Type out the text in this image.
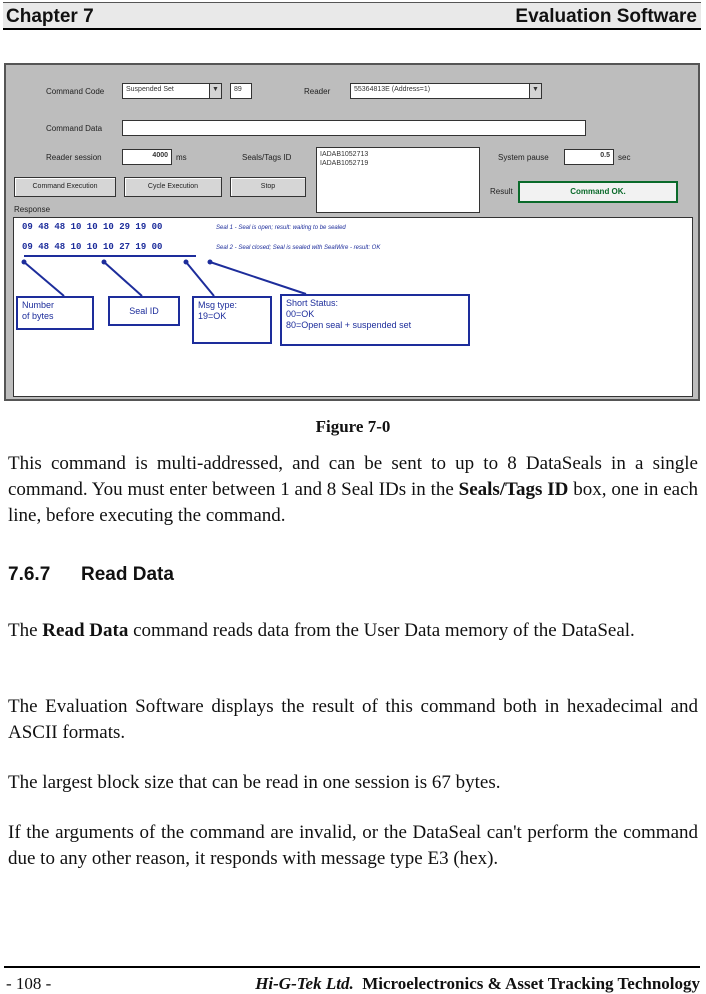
Chapter 7	Evaluation Software
Command Code	Suspended Set	▼	89	Reader	55364813E (Address=1)	▼
Command Data
Reader session	4000	ms	Seals/Tags ID	IADAB1052713
IADAB1052719
System pause	0.5	sec
Command Execution	Cycle Execution	Stop
Result	Command OK.
Response
09 48 48 10 10 10 29 19 00	Seal 1 - Seal is open; result: waiting to be sealed
09 48 48 10 10 10 27 19 00	Seal 2 - Seal closed; Seal is sealed with SealWire - result: OK
Number
of bytes	Seal ID
Msg type:
19=OK
Short Status:
00=OK
80=Open seal + suspended set
Figure 7-0
This command is multi-addressed, and can be sent to up to 8 DataSeals in a single command. You must enter between 1 and 8 Seal IDs in the Seals/Tags ID box, one in each line, before executing the command.
7.6.7 Read Data
The Read Data command reads data from the User Data memory of the DataSeal.
The Evaluation Software displays the result of this command both in hexadecimal and ASCII formats.
The largest block size that can be read in one session is 67 bytes.
If the arguments of the command are invalid, or the DataSeal can't perform the command due to any other reason, it responds with message type E3 (hex).
- 108 -	Hi-G-Tek Ltd. Microelectronics & Asset Tracking Technology
